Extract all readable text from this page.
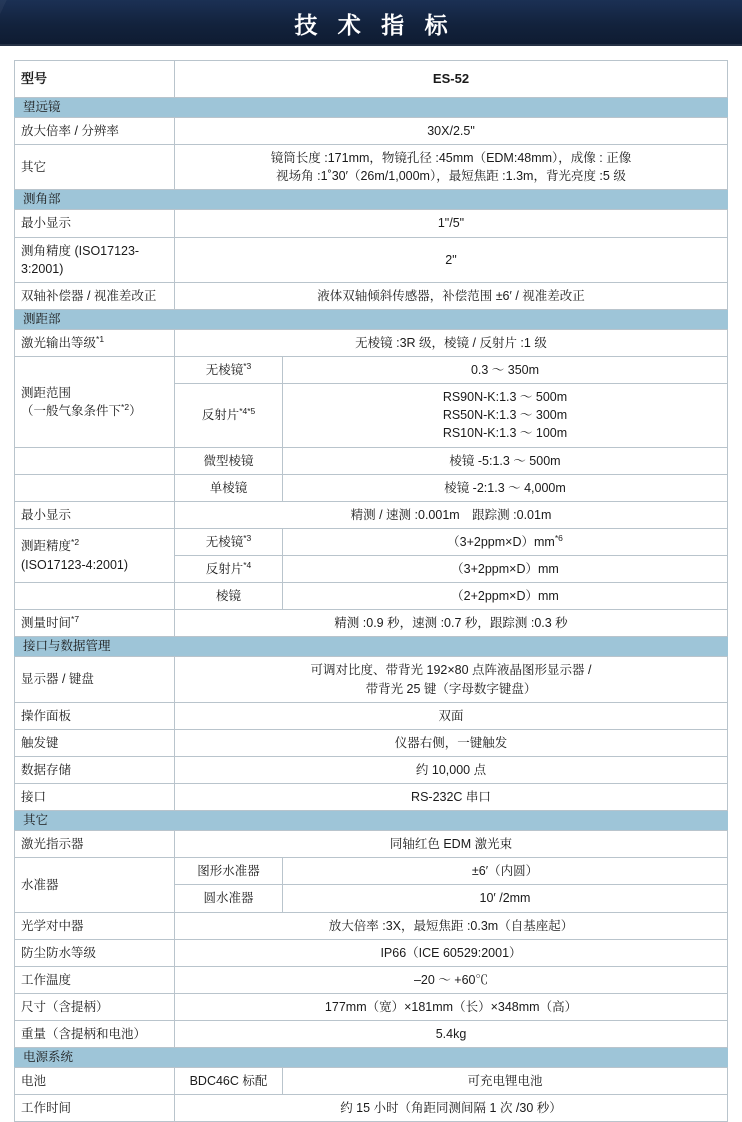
技 术 指 标
型号	ES-52	
望远镜		
放大倍率 / 分辨率	30X/2.5"	
其它	镜筒长度 :171mm，物镜孔径 :45mm（EDM:48mm），成像 : 正像
视场角 :1˚30′（26m/1,000m），最短焦距 :1.3m，背光亮度 :5 级	

测角部		
最小显示	1"/5"	
测角精度 (ISO17123-3:2001)	2"	
双轴补偿器 / 视准差改正	液体双轴倾斜传感器，补偿范围 ±6′ / 视准差改正	
测距部		
激光输出等级$^{*1}$	无棱镜 :3R 级，棱镜 / 反射片 :1 级	

测距范围
（一般气象条件下$^{*2}$）	无棱镜$^{*3}$	0.3 ～ 350m
	反射片$^{*4*5}$	RS90N-K:1.3 ～ 500m
RS50N-K:1.3 ～ 300m
RS10N-K:1.3 ～ 100m

	微型棱镜	棱镜 -5:1.3 ～ 500m
	单棱镜	棱镜 -2:1.3 ～ 4,000m
最小显示	精测 / 速测 :0.001m　跟踪测 :0.01m	

测距精度$^{*2}$
(ISO17123-4:2001)	无棱镜$^{*3}$	$(3+2ppm\times D)mm^{*6}$
	反射片$^{*4}$	（3+2ppm×D）mm
	棱镜	（2+2ppm×D）mm
测量时间$^{*7}$	精测 :0.9 秒，速测 :0.7 秒，跟踪测 :0.3 秒	
接口与数据管理		
显示器 / 键盘	可调对比度、带背光 192×80 点阵液晶图形显示器 /
带背光 25 键（字母数字键盘）	

操作面板	双面	
触发键	仪器右侧，一键触发	
数据存储	约 10,000 点	
接口	RS-232C 串口	
其它		
激光指示器	同轴红色 EDM 激光束	
水准器	图形水准器	±6′（内圆）
	圆水准器	10′ /2mm
光学对中器	放大倍率 :3X，最短焦距 :0.3m（自基座起）	
防尘防水等级	IP66（ICE 60529:2001）	
工作温度	–20 ～ +60℃	
尺寸（含提柄）	177mm（宽）×181mm（长）×348mm（高）	
重量（含提柄和电池）	5.4kg	
电源系统		
电池	BDC46C 标配	可充电锂电池
工作时间	约 15 小时（角距同测间隔 1 次 /30 秒）	
